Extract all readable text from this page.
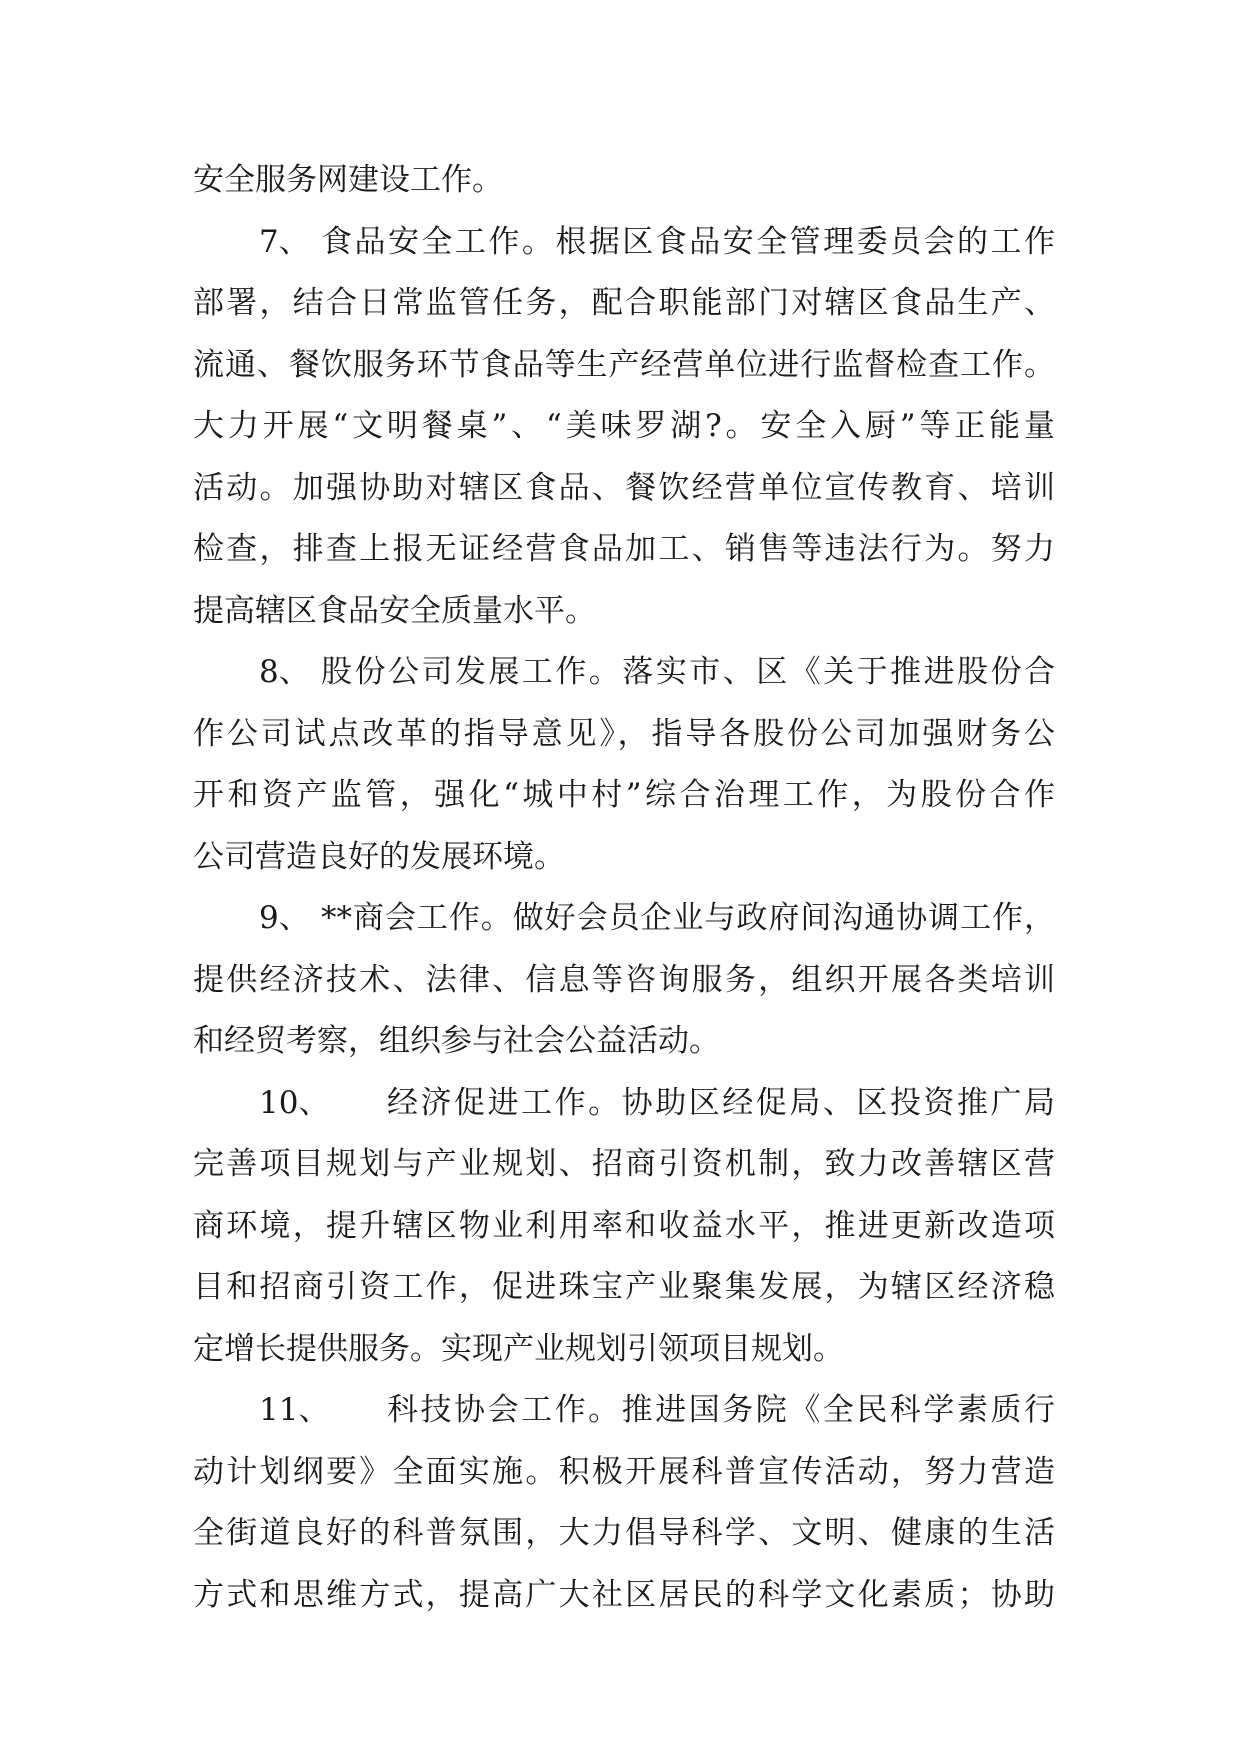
安全服务网建设工作。
7、 食品安全工作。根据区食品安全管理委员会的工作
部署，结合日常监管任务，配合职能部门对辖区食品生产、
流通、餐饮服务环节食品等生产经营单位进行监督检查工作。
大力开展“文明餐桌”、“美味罗湖?。安全入厨”等正能量
活动。加强协助对辖区食品、餐饮经营单位宣传教育、培训
检查，排查上报无证经营食品加工、销售等违法行为。努力
提高辖区食品安全质量水平。
8、 股份公司发展工作。落实市、区《关于推进股份合
作公司试点改革的指导意见》，指导各股份公司加强财务公
开和资产监管，强化“城中村”综合治理工作，为股份合作
公司营造良好的发展环境。
9、 **商会工作。做好会员企业与政府间沟通协调工作，
提供经济技术、法律、信息等咨询服务，组织开展各类培训
和经贸考察，组织参与社会公益活动。
10、	经济促进工作。协助区经促局、区投资推广局
完善项目规划与产业规划、招商引资机制，致力改善辖区营
商环境，提升辖区物业利用率和收益水平，推进更新改造项
目和招商引资工作，促进珠宝产业聚集发展，为辖区经济稳
定增长提供服务。实现产业规划引领项目规划。
11、	科技协会工作。推进国务院《全民科学素质行
动计划纲要》全面实施。积极开展科普宣传活动，努力营造
全街道良好的科普氛围，大力倡导科学、文明、健康的生活
方式和思维方式，提高广大社区居民的科学文化素质；协助
